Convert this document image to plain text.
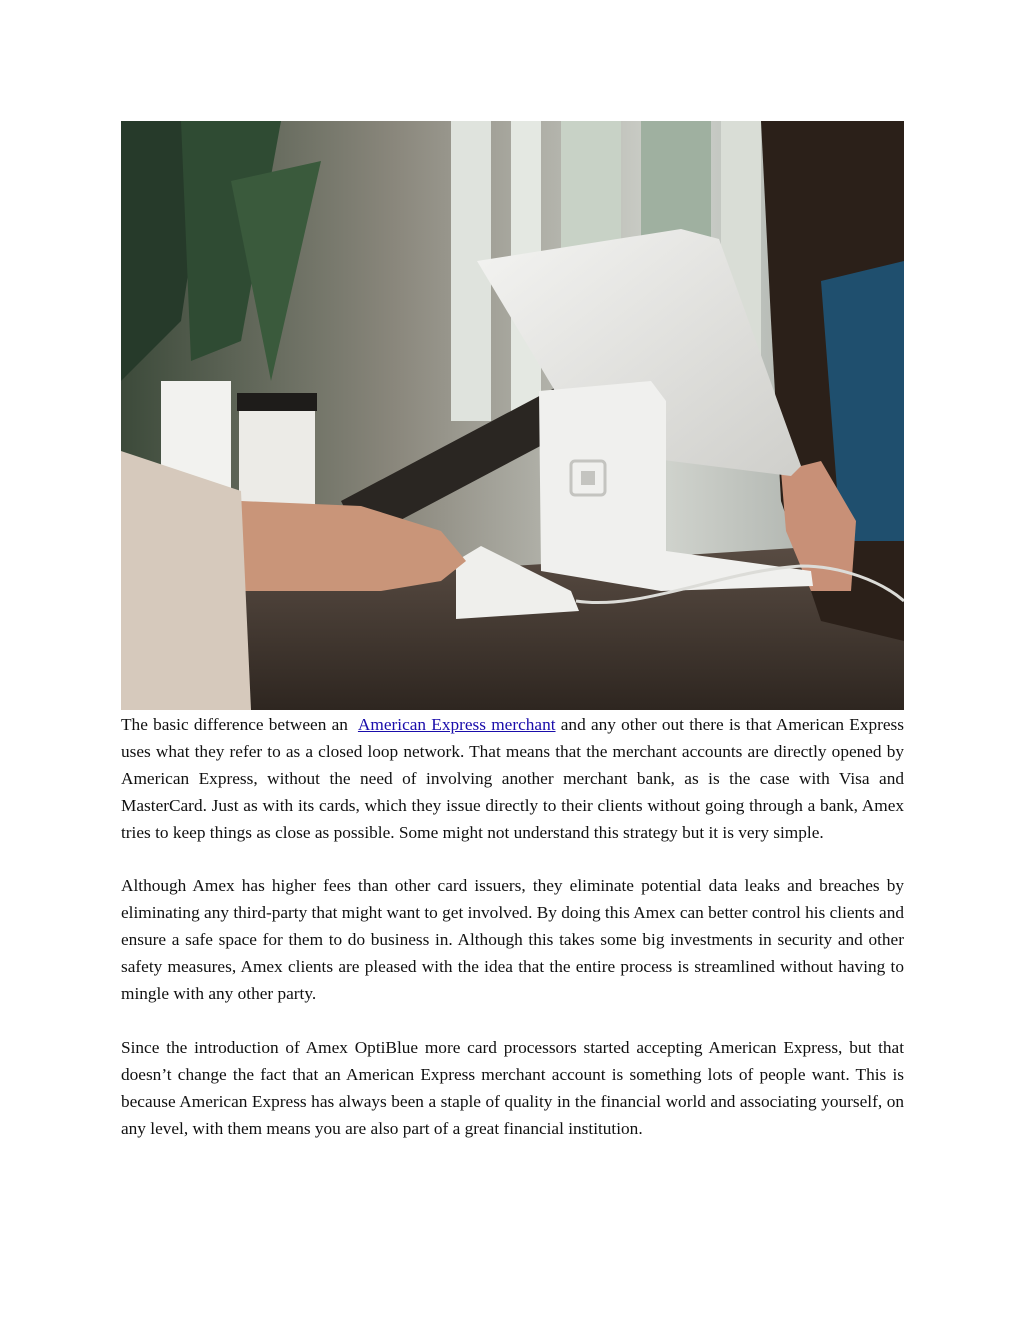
The basic difference between an American Express merchant and any other out there is that American Express uses what they refer to as a closed loop network. That means that the merchant accounts are directly opened by American Express, without the need of involving another merchant bank, as is the case with Visa and MasterCard. Just as with its cards, which they issue directly to their clients without going through a bank, Amex tries to keep things as close as possible. Some might not understand this strategy but it is very simple.

Although Amex has higher fees than other card issuers, they eliminate potential data leaks and breaches by eliminating any third-party that might want to get involved. By doing this Amex can better control his clients and ensure a safe space for them to do business in. Although this takes some big investments in security and other safety measures, Amex clients are pleased with the idea that the entire process is streamlined without having to mingle with any other party.

Since the introduction of Amex OptiBlue more card processors started accepting American Express, but that doesn’t change the fact that an American Express merchant account is something lots of people want. This is because American Express has always been a staple of quality in the financial world and associating yourself, on any level, with them means you are also part of a great financial institution.
